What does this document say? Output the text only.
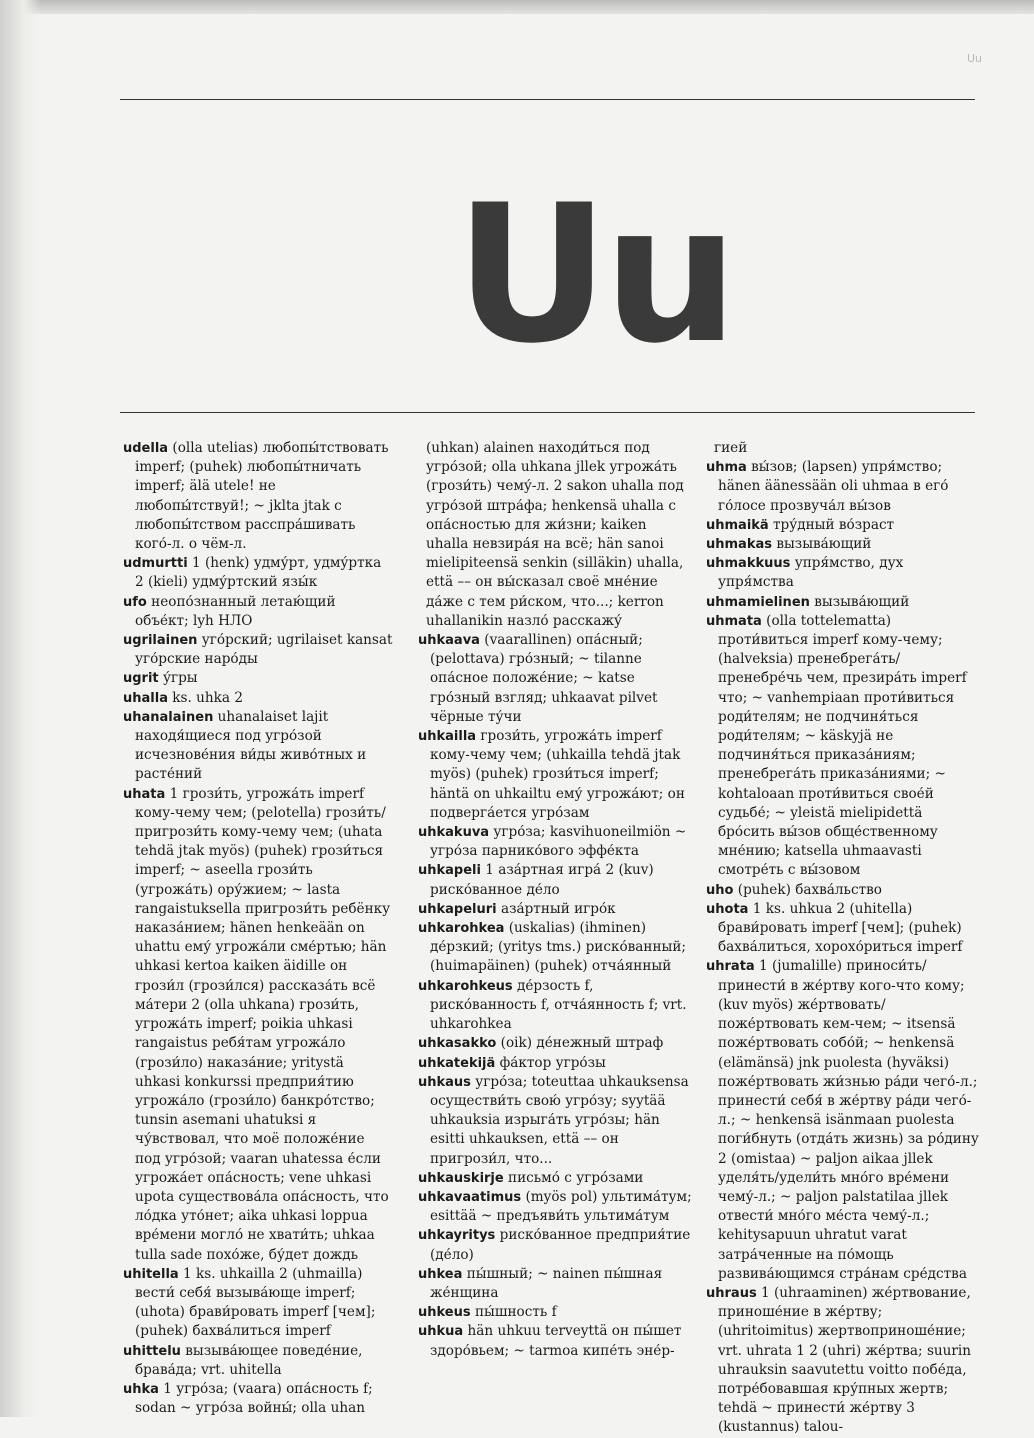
Uu
Uu

udella (olla utelias) любопы́тствовать imperf; (puhek) любопы́тничать imperf; älä utele! не любопы́тствуй!; ~ jklta jtak с любопы́тством расспра́шивать кого́-л. о чём-л.

udmurtti 1 (henk) удму́рт, удму́ртка 2 (kieli) удму́ртский язы́к

ufo неопо́знанный летаю́щий объе́кт; lyh НЛО

ugrilainen уго́рский; ugrilaiset kansat уго́рские наро́ды

ugrit у́гры

uhalla ks. uhka 2

uhanalainen uhanalaiset lajit находя́щиеся под угро́зой исчезнове́ния ви́ды живо́тных и расте́ний

uhata 1 грози́ть, угрожа́ть imperf кому-чему чем; (pelotella) грози́ть/пригрози́ть кому-чему чем; (uhata tehdä jtak myös) (puhek) грози́ться imperf; ~ aseella грози́ть (угрожа́ть) ору́жием; ~ lasta rangaistuksella пригрози́ть ребёнку наказа́нием; hänen henkeään on uhattu ему́ угрожа́ли сме́ртью; hän uhkasi kertoa kaiken äidille он грози́л (грози́лся) рассказа́ть всё ма́тери 2 (olla uhkana) грози́ть, угрожа́ть imperf; poikia uhkasi rangaistus ребя́там угрожа́ло (грози́ло) наказа́ние; yritystä uhkasi konkurssi предприя́тию угрожа́ло (грози́ло) банкро́тство; tunsin asemani uhatuksi я чу́вствовал, что моё положе́ние под угро́зой; vaaran uhatessa е́сли угрожа́ет опа́сность; vene uhkasi upota существова́ла опа́сность, что ло́дка уто́нет; aika uhkasi loppua вре́мени могло́ не хвати́ть; uhkaa tulla sade похо́же, бу́дет дождь

uhitella 1 ks. uhkailla 2 (uhmailla) вести́ себя́ вызыва́юще imperf; (uhota) брави́ровать imperf [чем]; (puhek) бахва́литься imperf

uhittelu вызыва́ющее поведе́ние, брава́да; vrt. uhitella

uhka 1 угро́за; (vaara) опа́сность f; sodan ~ угро́за войны́; olla uhan

(uhkan) alainen находи́ться под угро́зой; olla uhkana jllek угрожа́ть (грози́ть) чему́-л. 2 sakon uhalla под угро́зой штра́фа; henkensä uhalla с опа́сностью для жи́зни; kaiken uhalla невзира́я на всё; hän sanoi mielipiteensä senkin (silläkin) uhalla, että –– он вы́сказал своё мне́ние да́же с тем ри́ском, что...; kerron uhallanikin назло́ расскажу́

uhkaava (vaarallinen) опа́сный; (pelottava) гро́зный; ~ tilanne опа́сное положе́ние; ~ katse гро́зный взгляд; uhkaavat pilvet чёрные ту́чи

uhkailla грози́ть, угрожа́ть imperf кому-чему чем; (uhkailla tehdä jtak myös) (puhek) грози́ться imperf; häntä on uhkailtu ему́ угрожа́ют; он подверга́ется угро́зам

uhkakuva угро́за; kasvihuoneilmiön ~ угро́за парнико́вого эффе́кта

uhkapeli 1 аза́ртная игра́ 2 (kuv) риско́ванное де́ло

uhkapeluri аза́ртный игро́к

uhkarohkea (uskalias) (ihminen) де́рзкий; (yritys tms.) риско́ванный; (huimapäinen) (puhek) отча́янный

uhkarohkeus де́рзость f, риско́ванность f, отча́янность f; vrt. uhkarohkea

uhkasakko (oik) де́нежный штраф

uhkatekijä фа́ктор угро́зы

uhkaus угро́за; toteuttaa uhkauksensa осуществи́ть свою́ угро́зу; syytää uhkauksia изрыга́ть угро́зы; hän esitti uhkauksen, että –– он пригрози́л, что...

uhkauskirje письмо́ с угро́зами

uhkavaatimus (myös pol) ультима́тум; esittää ~ предъяви́ть ультима́тум

uhkayritys риско́ванное предприя́тие (де́ло)

uhkea пы́шный; ~ nainen пы́шная же́нщина

uhkeus пы́шность f

uhkua hän uhkuu terveyttä он пы́шет здоро́вьем; ~ tarmoa кипе́ть эне́р-

гией

uhma вы́зов; (lapsen) упря́мство; hänen äänessään oli uhmaa в его́ го́лосе прозвуча́л вы́зов

uhmaikä тру́дный во́зраст

uhmakas вызыва́ющий

uhmakkuus упря́мство, дух упря́мства

uhmamielinen вызыва́ющий

uhmata (olla tottelematta) проти́виться imperf кому-чему; (halveksia) пренебрега́ть/пренебре́чь чем, презира́ть imperf что; ~ vanhempiaan проти́виться роди́телям; не подчиня́ться роди́телям; ~ käskyjä не подчиня́ться приказа́ниям; пренебрега́ть приказа́ниями; ~ kohtaloaan проти́виться свое́й судьбе́; ~ yleistä mielipidettä бро́сить вы́зов обще́ственному мне́нию; katsella uhmaavasti смотре́ть с вы́зовом

uho (puhek) бахва́льство

uhota 1 ks. uhkua 2 (uhitella) брави́ровать imperf [чем]; (puhek) бахва́литься, хорохо́риться imperf

uhrata 1 (jumalille) приноси́ть/принести́ в же́ртву кого-что кому; (kuv myös) же́ртвовать/поже́ртвовать кем-чем; ~ itsensä поже́ртвовать собо́й; ~ henkensä (elämänsä) jnk puolesta (hyväksi) поже́ртвовать жи́знью ра́ди чего́-л.; принести́ себя́ в же́ртву ра́ди чего́-л.; ~ henkensä isänmaan puolesta поги́бнуть (отда́ть жизнь) за ро́дину 2 (omistaa) ~ paljon aikaa jllek уделя́ть/удели́ть мно́го вре́мени чему́-л.; ~ paljon palstatilaa jllek отвести́ мно́го ме́ста чему́-л.; kehitysapuun uhratut varat затра́ченные на по́мощь развива́ющимся стра́нам сре́дства

uhraus 1 (uhraaminen) же́ртвование, приноше́ние в же́ртву; (uhritoimitus) жертвоприноше́ние; vrt. uhrata 1 2 (uhri) же́ртва; suurin uhrauksin saavutettu voitto побе́да, потре́бовавшая кру́пных жертв; tehdä ~ принести́ же́ртву 3 (kustannus) talou-
